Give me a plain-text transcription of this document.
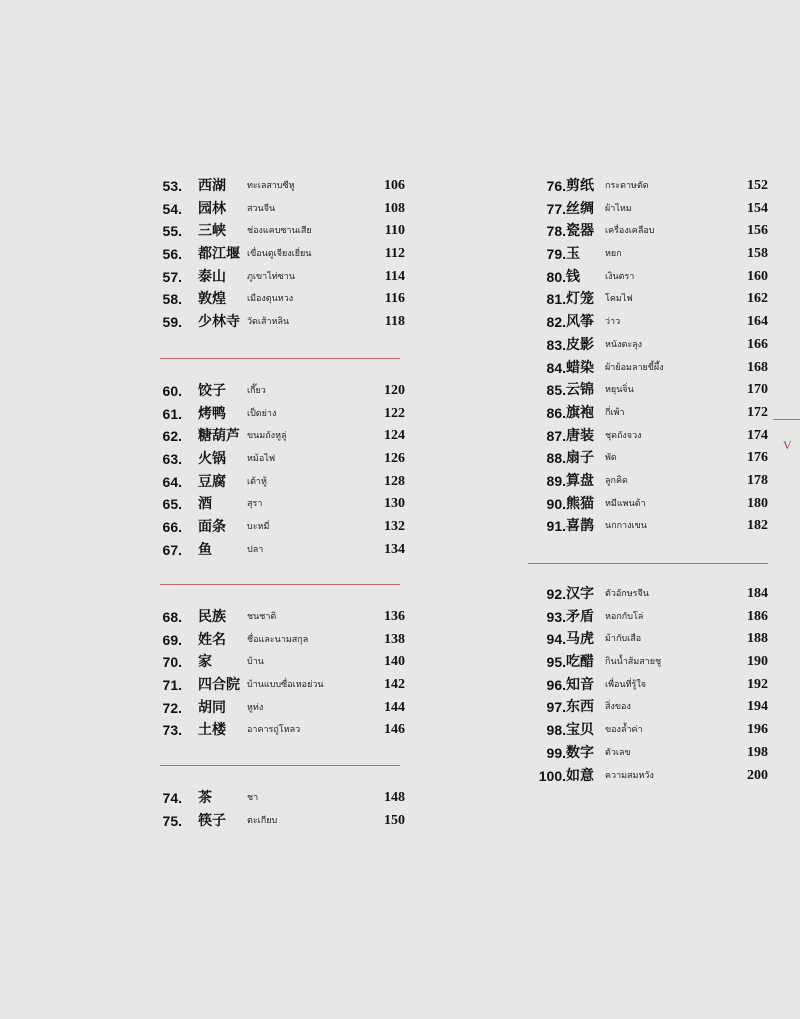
53. 西湖 ทะเลสาบซีหู	106
54. 园林 สวนจีน	108
55. 三峡 ช่องแคบซานเสีย	110
56. 都江堰 เขื่อนตูเจียงเยี่ยน	112
57. 泰山 ภูเขาไท่ซาน	114
58. 敦煌 เมืองตุนหวง	116
59. 少林寺 วัดเส้าหลิน	118
60. 饺子 เกี๊ยว	120
61. 烤鸭 เป็ดย่าง	122
62. 糖葫芦 ขนมถังหูลู่	124
63. 火锅 หม้อไฟ	126
64. 豆腐 เต้าหู้	128
65. 酒	สุรา	130
66. 面条 บะหมี่	132
67. 鱼	ปลา	134
68. 民族 ชนชาติ	136
69. 姓名 ชื่อและนามสกุล	138
70. 家	บ้าน	140
71. 四合院 บ้านแบบซื่อเหอย่วน	142
72. 胡同 หูท่ง	144
73. 土楼 อาคารถู่โหลว	146
74. 茶	ชา	148
75. 筷子 ตะเกียบ	150
76. 剪纸 กระดาษตัด	152
77. 丝绸 ผ้าไหม	154
78. 瓷器 เครื่องเคลือบ	156
79. 玉	หยก	158
80. 钱	เงินตรา	160
81. 灯笼 โคมไฟ	162
82. 风筝 ว่าว	164
83. 皮影 หนังตะลุง	166
84. 蜡染 ผ้าย้อมลายขี้ผึ้ง	168
85. 云锦 หยุนจิ่น	170
86. 旗袍 กี่เพ้า	172
87. 唐装 ชุดถังจวง	174
88. 扇子 พัด	176
89. 算盘 ลูกคิด	178
90. 熊猫 หมีแพนด้า	180
91. 喜鹊 นกกางเขน	182
92. 汉字 ตัวอักษรจีน	184
93. 矛盾 หอกกับโล่	186
94. 马虎 ม้ากับเสือ	188
95. 吃醋 กินน้ำส้มสายชู	190
96. 知音 เพื่อนที่รู้ใจ	192
97. 东西 สิ่งของ	194
98. 宝贝 ของล้ำค่า	196
99. 数字 ตัวเลข	198
100. 如意 ความสมหวัง	200
V
